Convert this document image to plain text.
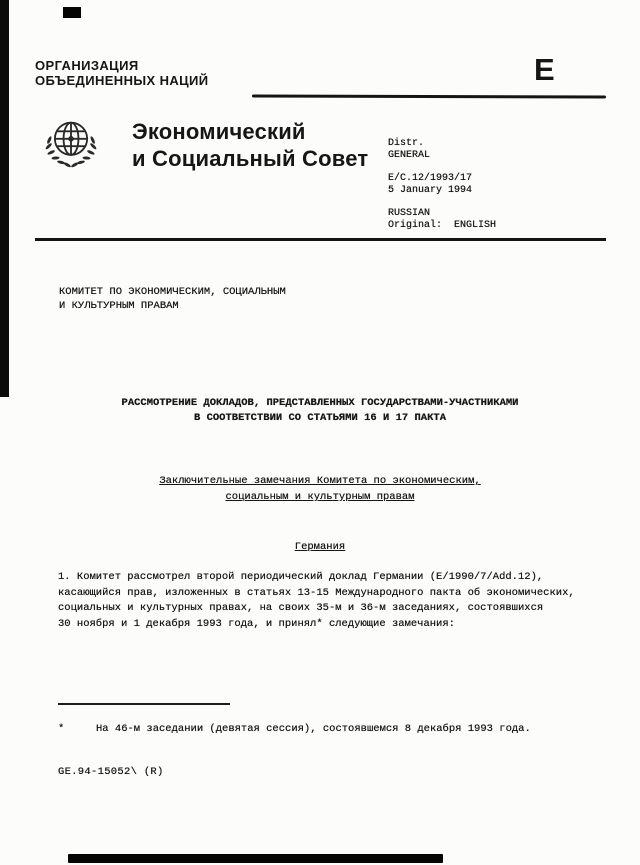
ОРГАНИЗАЦИЯ
ОБЪЕДИНЕННЫХ НАЦИЙ	E
Экономический
и Социальный Совет
Distr.
GENERAL
E/C.12/1993/17
5 January 1994
RUSSIAN
Original: ENGLISH
КОМИТЕТ ПО ЭКОНОМИЧЕСКИМ, СОЦИАЛЬНЫМ
И КУЛЬТУРНЫМ ПРАВАМ
РАССМОТРЕНИЕ ДОКЛАДОВ, ПРЕДСТАВЛЕННЫХ ГОСУДАРСТВАМИ-УЧАСТНИКАМИ
В СООТВЕТСТВИИ СО СТАТЬЯМИ 16 И 17 ПАКТА
Заключительные замечания Комитета по экономическим,
социальным и культурным правам
Германия
1. Комитет рассмотрел второй периодический доклад Германии (E/1990/7/Add.12),
касающийся прав, изложенных в статьях 13-15 Международного пакта об экономических,
социальных и культурных правах, на своих 35-м и 36-м заседаниях, состоявшихся
30 ноября и 1 декабря 1993 года, и принял* следующие замечания:
*	На 46-м заседании (девятая сессия), состоявшемся 8 декабря 1993 года.
GE.94-15052\ (R)
